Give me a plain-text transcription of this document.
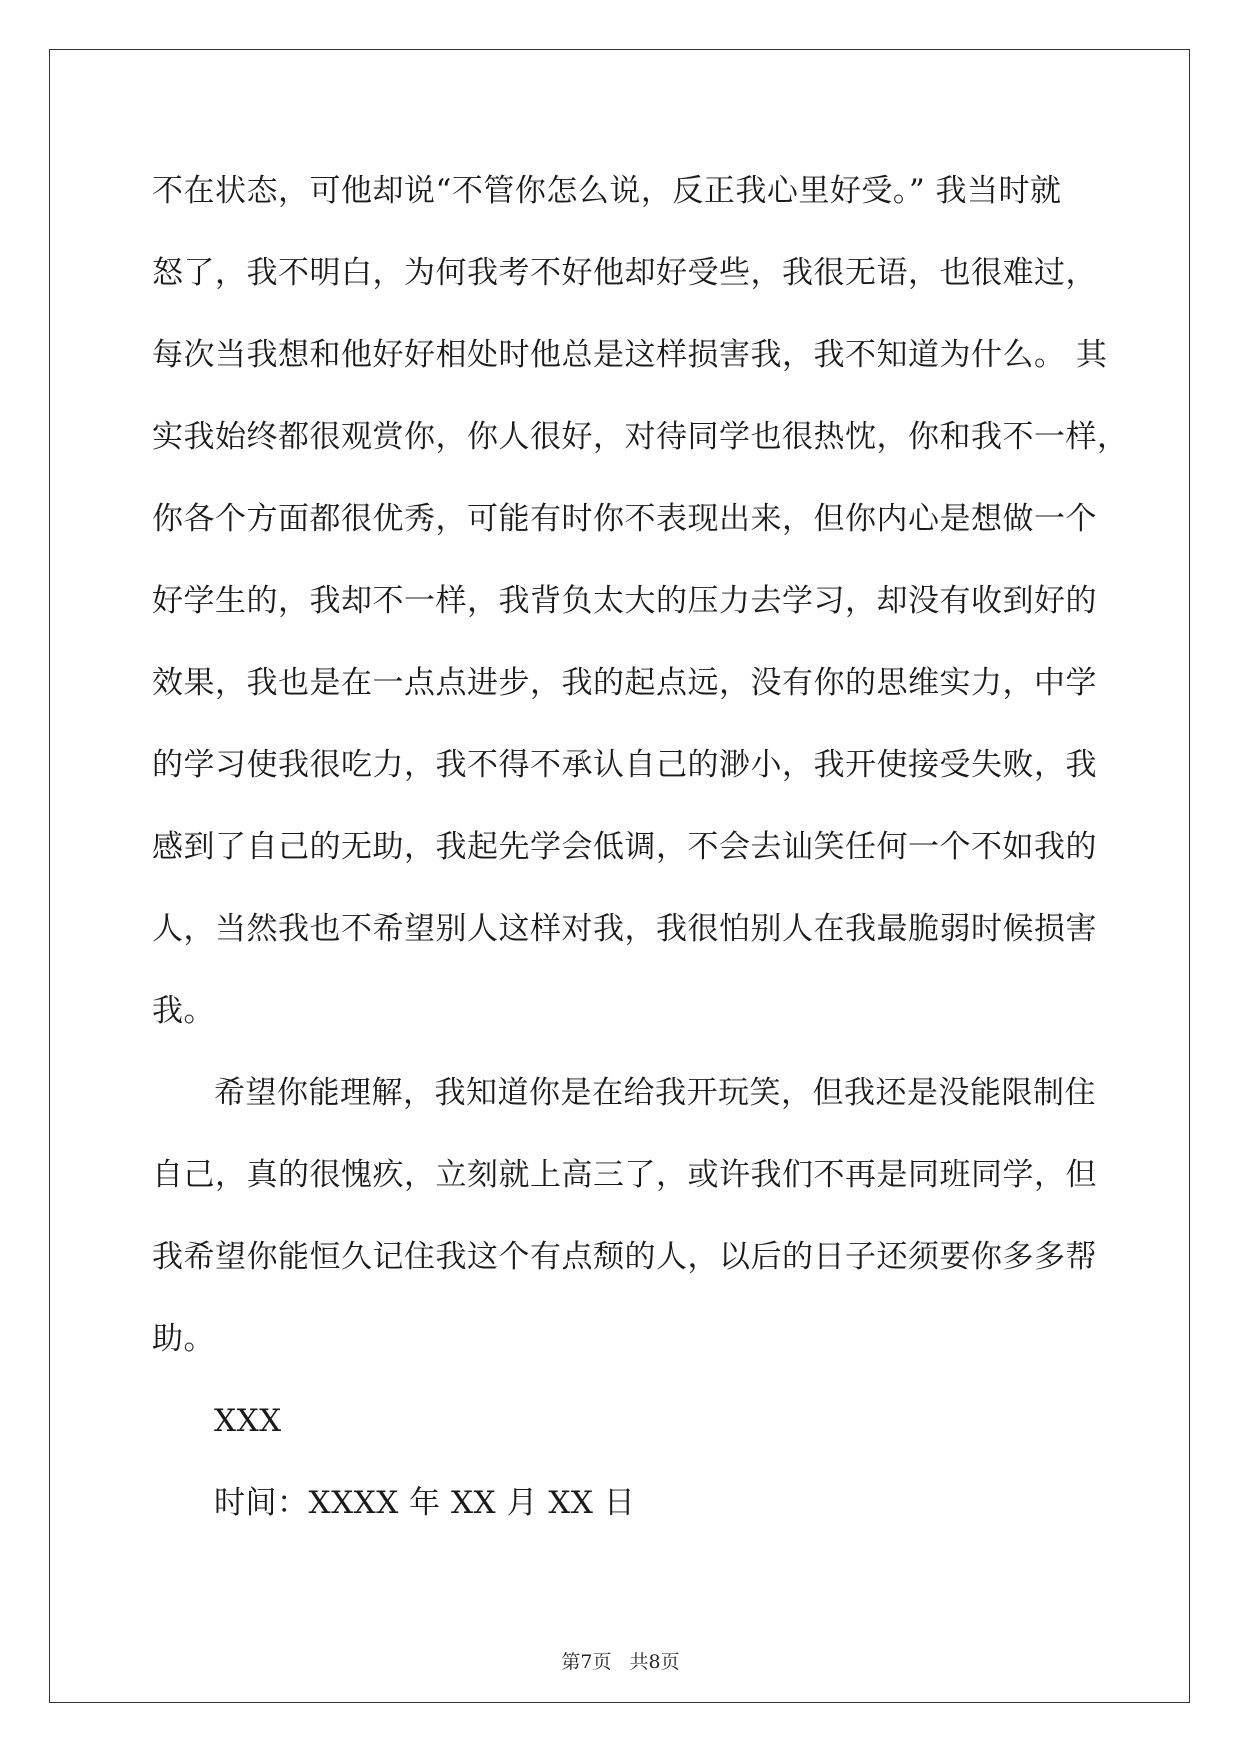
不在状态，可他却说“不管你怎么说，反正我心里好受。” 我当时就
怒了，我不明白，为何我考不好他却好受些，我很无语，也很难过，
每次当我想和他好好相处时他总是这样损害我，我不知道为什么。 其
实我始终都很观赏你，你人很好，对待同学也很热忱，你和我不一样，
你各个方面都很优秀，可能有时你不表现出来，但你内心是想做一个
好学生的，我却不一样，我背负太大的压力去学习，却没有收到好的
效果，我也是在一点点进步，我的起点远，没有你的思维实力，中学
的学习使我很吃力，我不得不承认自己的渺小，我开使接受失败，我
感到了自己的无助，我起先学会低调，不会去讪笑任何一个不如我的
人，当然我也不希望别人这样对我，我很怕别人在我最脆弱时候损害
我。
希望你能理解，我知道你是在给我开玩笑，但我还是没能限制住
自己，真的很愧疚，立刻就上高三了，或许我们不再是同班同学，但
我希望你能恒久记住我这个有点颓的人，以后的日子还须要你多多帮
助。
XXX
时间：XXXX 年 XX 月 XX 日
第7页 共8页
